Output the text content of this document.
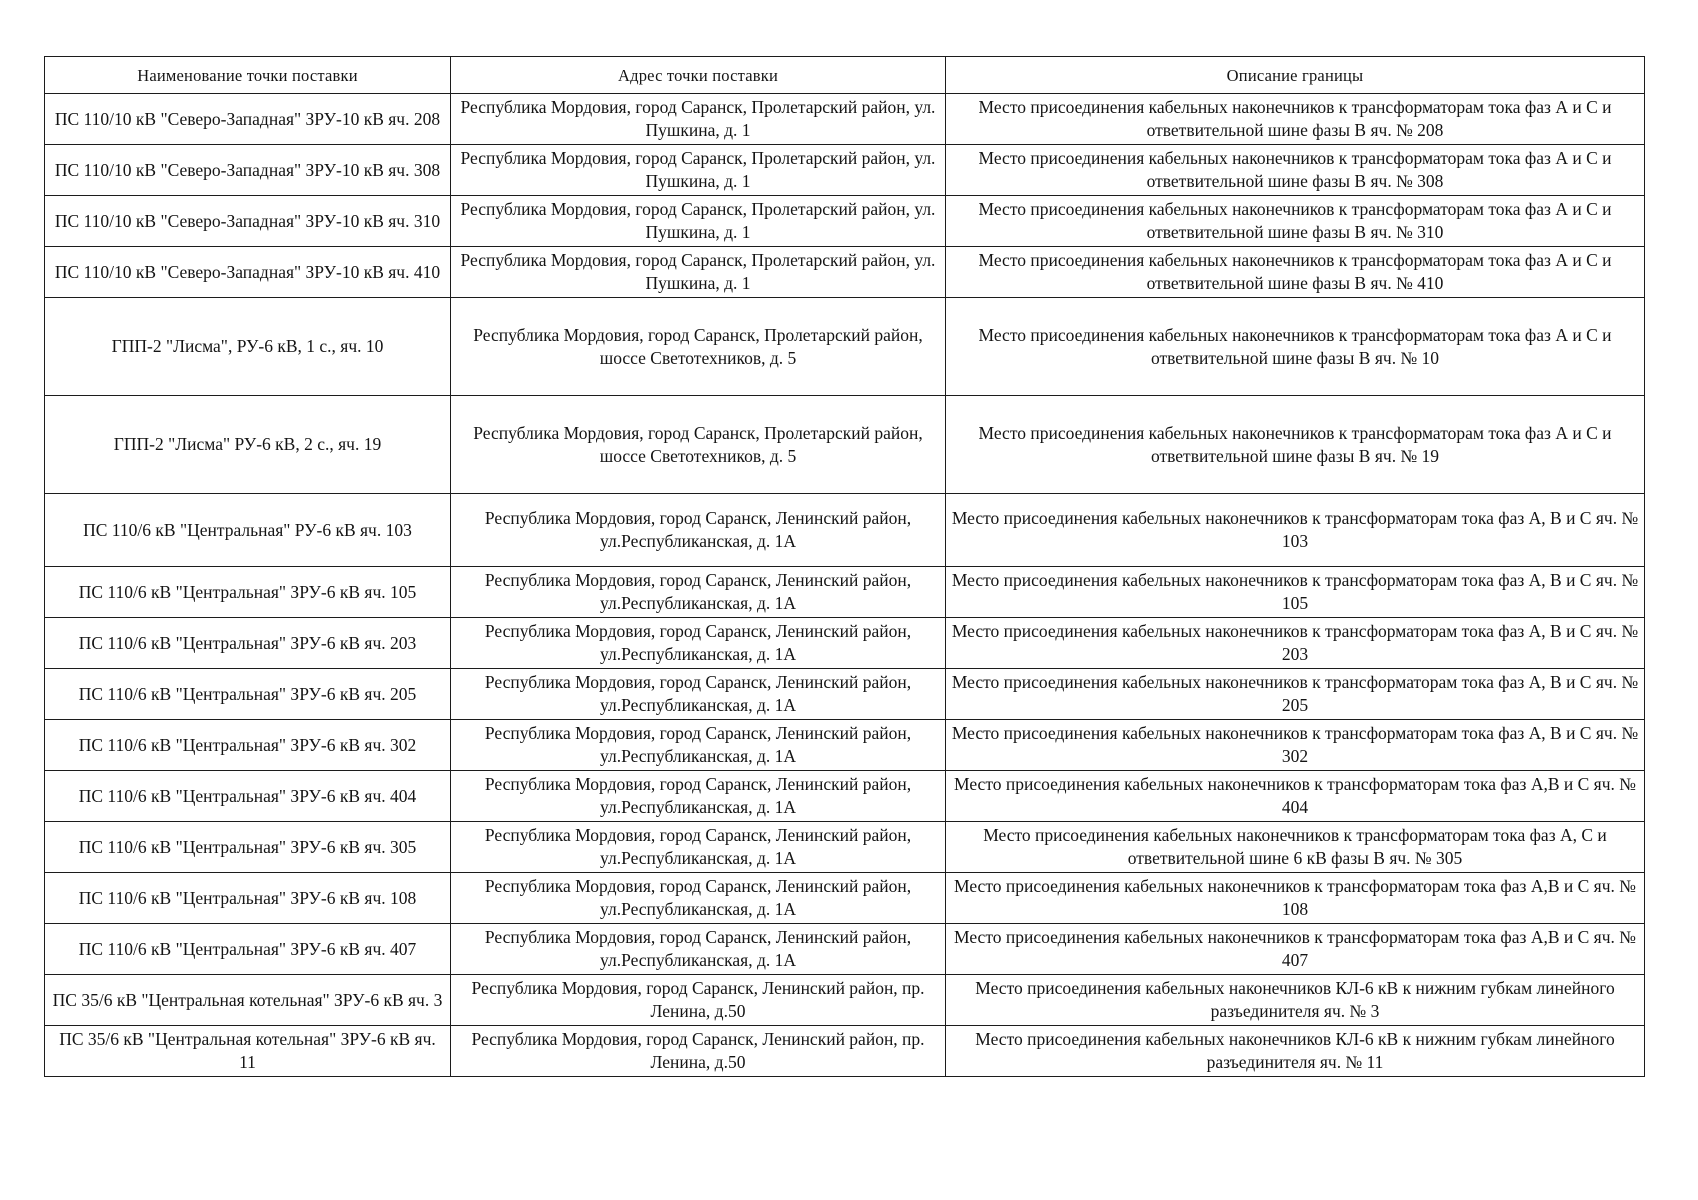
Наименование точки поставки	Адрес точки поставки	Описание границы
ПС 110/10 кВ "Северо-Западная" ЗРУ-10 кВ яч. 208	Республика Мордовия, город Саранск, Пролетарский район, ул. Пушкина, д. 1	Место присоединения кабельных наконечников к трансформаторам тока фаз А и С и ответвительной шине фазы В яч. № 208
ПС 110/10 кВ "Северо-Западная" ЗРУ-10 кВ яч. 308	Республика Мордовия, город Саранск, Пролетарский район, ул. Пушкина, д. 1	Место присоединения кабельных наконечников к трансформаторам тока фаз А и С и ответвительной шине фазы В яч. № 308
ПС 110/10 кВ "Северо-Западная" ЗРУ-10 кВ яч. 310	Республика Мордовия, город Саранск, Пролетарский район, ул. Пушкина, д. 1	Место присоединения кабельных наконечников к трансформаторам тока фаз А и С и ответвительной шине фазы В яч. № 310
ПС 110/10 кВ "Северо-Западная" ЗРУ-10 кВ яч. 410	Республика Мордовия, город Саранск, Пролетарский район, ул. Пушкина, д. 1	Место присоединения кабельных наконечников к трансформаторам тока фаз А и С и ответвительной шине фазы В яч. № 410
ГПП-2 "Лисма", РУ-6 кВ, 1 с., яч. 10	Республика Мордовия, город Саранск, Пролетарский район, шоссе Светотехников, д. 5	Место присоединения кабельных наконечников к трансформаторам тока фаз А и С и ответвительной шине фазы В яч. № 10
ГПП-2 "Лисма" РУ-6 кВ, 2 с., яч. 19	Республика Мордовия, город Саранск, Пролетарский район, шоссе Светотехников, д. 5	Место присоединения кабельных наконечников к трансформаторам тока фаз А и С и ответвительной шине фазы В яч. № 19
ПС 110/6 кВ "Центральная" РУ-6 кВ яч. 103	Республика Мордовия, город Саранск, Ленинский район, ул.Республиканская, д. 1А	Место присоединения кабельных наконечников к трансформаторам тока фаз А, В и С яч. № 103
ПС 110/6 кВ "Центральная" ЗРУ-6 кВ яч. 105	Республика Мордовия, город Саранск, Ленинский район, ул.Республиканская, д. 1А	Место присоединения кабельных наконечников к трансформаторам тока фаз А, В и С яч. № 105
ПС 110/6 кВ "Центральная" ЗРУ-6 кВ яч. 203	Республика Мордовия, город Саранск, Ленинский район, ул.Республиканская, д. 1А	Место присоединения кабельных наконечников к трансформаторам тока фаз А, В и С яч. № 203
ПС 110/6 кВ "Центральная" ЗРУ-6 кВ яч. 205	Республика Мордовия, город Саранск, Ленинский район, ул.Республиканская, д. 1А	Место присоединения кабельных наконечников к трансформаторам тока фаз А, В и С яч. № 205
ПС 110/6 кВ "Центральная" ЗРУ-6 кВ яч. 302	Республика Мордовия, город Саранск, Ленинский район, ул.Республиканская, д. 1А	Место присоединения кабельных наконечников к трансформаторам тока фаз А, В и С яч. № 302
ПС 110/6 кВ "Центральная" ЗРУ-6 кВ яч. 404	Республика Мордовия, город Саранск, Ленинский район, ул.Республиканская, д. 1А	Место присоединения кабельных наконечников к трансформаторам тока фаз А,В и С яч. № 404
ПС 110/6 кВ "Центральная" ЗРУ-6 кВ яч. 305	Республика Мордовия, город Саранск, Ленинский район, ул.Республиканская, д. 1А	Место присоединения кабельных наконечников к трансформаторам тока фаз А, С и ответвительной шине 6 кВ фазы В яч. № 305
ПС 110/6 кВ "Центральная" ЗРУ-6 кВ яч. 108	Республика Мордовия, город Саранск, Ленинский район, ул.Республиканская, д. 1А	Место присоединения кабельных наконечников к трансформаторам тока фаз А,В и С яч. № 108
ПС 110/6 кВ "Центральная" ЗРУ-6 кВ яч. 407	Республика Мордовия, город Саранск, Ленинский район, ул.Республиканская, д. 1А	Место присоединения кабельных наконечников к трансформаторам тока фаз А,В и С яч. № 407
ПС 35/6 кВ "Центральная котельная" ЗРУ-6 кВ яч. 3	Республика Мордовия, город Саранск, Ленинский район, пр. Ленина, д.50	Место присоединения кабельных наконечников КЛ-6 кВ к нижним губкам линейного разъединителя яч. № 3
ПС 35/6 кВ "Центральная котельная" ЗРУ-6 кВ яч. 11	Республика Мордовия, город Саранск, Ленинский район, пр. Ленина, д.50	Место присоединения кабельных наконечников КЛ-6 кВ к нижним губкам линейного разъединителя яч. № 11
